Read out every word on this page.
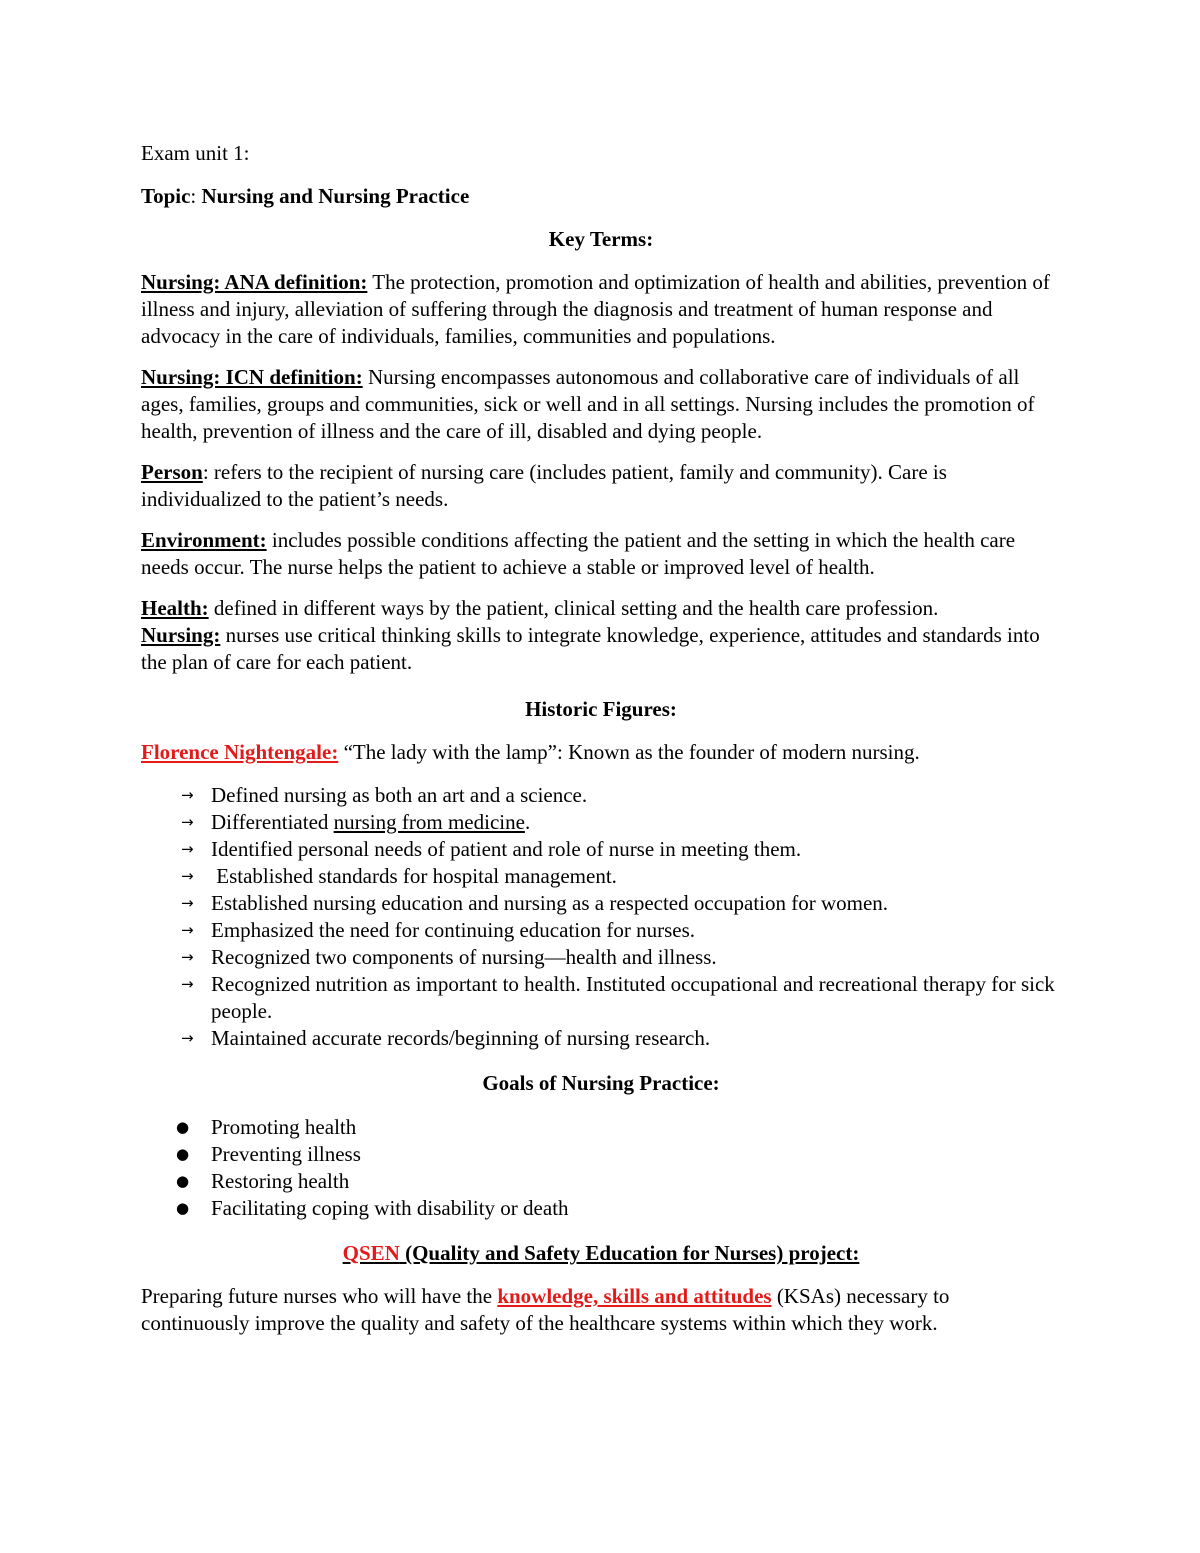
Exam unit 1:

Topic: Nursing and Nursing Practice

Key Terms:

Nursing: ANA definition: The protection, promotion and optimization of health and abilities, prevention of illness and injury, alleviation of suffering through the diagnosis and treatment of human response and advocacy in the care of individuals, families, communities and populations.

Nursing: ICN definition: Nursing encompasses autonomous and collaborative care of individuals of all ages, families, groups and communities, sick or well and in all settings. Nursing includes the promotion of health, prevention of illness and the care of ill, disabled and dying people.

Person: refers to the recipient of nursing care (includes patient, family and community). Care is individualized to the patient’s needs.

Environment: includes possible conditions affecting the patient and the setting in which the health care needs occur. The nurse helps the patient to achieve a stable or improved level of health.

Health: defined in different ways by the patient, clinical setting and the health care profession.

Nursing: nurses use critical thinking skills to integrate knowledge, experience, attitudes and standards into the plan of care for each patient.

Historic Figures:

Florence Nightengale: “The lady with the lamp”: Known as the founder of modern nursing.

→ Defined nursing as both an art and a science.
→ Differentiated nursing from medicine.
→ Identified personal needs of patient and role of nurse in meeting them.
→ Established standards for hospital management.
→ Established nursing education and nursing as a respected occupation for women.
→ Emphasized the need for continuing education for nurses.
→ Recognized two components of nursing—health and illness.
→ Recognized nutrition as important to health. Instituted occupational and recreational therapy for sick people.
→ Maintained accurate records/beginning of nursing research.

Goals of Nursing Practice:

● Promoting health
● Preventing illness
● Restoring health
● Facilitating coping with disability or death

QSEN (Quality and Safety Education for Nurses) project:

Preparing future nurses who will have the knowledge, skills and attitudes (KSAs) necessary to continuously improve the quality and safety of the healthcare systems within which they work.
